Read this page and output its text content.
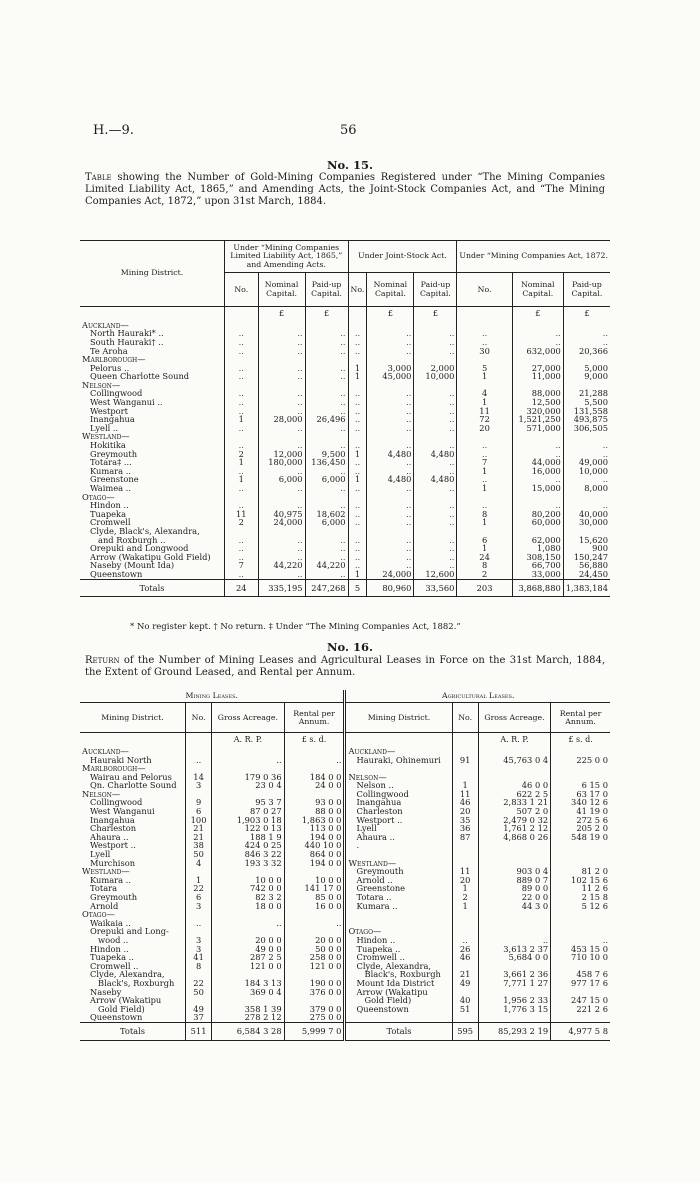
H.—9.	56
No. 15.
Table showing the Number of Gold-Mining Companies Registered under “The Mining Companies Limited Liability Act, 1865,” and Amending Acts, the Joint-Stock Companies Act, and “The Mining Companies Act, 1872,” upon 31st March, 1884.
Mining District.	Under “Mining Companies Limited Liability Act, 1865,” and Amending Acts.			Under Joint-Stock Act.			Under “Mining Companies Act, 1872.		
	No.	Nominal Capital.	Paid-up Capital.	No.	Nominal Capital.	Paid-up Capital.	No.	Nominal Capital.	Paid-up Capital.
		£	£		£	£		£	£
Auckland—									
North Hauraki* ..	..	..	..	..	..	..	..	..	..
South Hauraki† ..	..	..	..	..	..	..	..	..	..
Te Aroha	..	..	..	..	..	..	30	632,000	20,366
Marlborough—									
Pelorus ..	..	..	..	1	3,000	2,000	5	27,000	5,000
Queen Charlotte Sound	..	..	..	1	45,000	10,000	1	11,000	9,000
Nelson—									
Collingwood	..	..	..	..	..	..	4	88,000	21,288
West Wanganui ..	..	..	..	..	..	..	1	12,500	5,500
Westport	..	..	..	..	..	..	11	320,000	131,558
Inangahua	1	28,000	26,496	..	..	..	72	1,521,250	493,875
Lyell ..	..	..	..	..	..	..	20	571,000	306,505
Westland—									
Hokitika	..	..	..	..	..	..	..	..	..
Greymouth	2	12,000	9,500	1	4,480	4,480	..	..	..
Totara‡ ...	1	180,000	136,450	..	..	..	7	44,000	49,000
Kumara ..	..	..	..	..	..	..	1	16,000	10,000
Greenstone	1	6,000	6,000	1	4,480	4,480	..	..	..
Waimea ..	..	..	..	..	..	..	1	15,000	8,000
Otago—									
Hindon ..	..	..	..	..	..	..	..	..	..
Tuapeka	11	40,975	18,602	..	..	..	8	80,200	40,000
Cromwell	2	24,000	6,000	..	..	..	1	60,000	30,000
Clyde, Black's, Alexandra,									
and Roxburgh ..	..	..	..	..	..	..	6	62,000	15,620
Orepuki and Longwood	..	..	..	..	..	..	1	1,080	900
Arrow (Wakatipu Gold Field)	..	..	..	..	..	..	24	308,150	150,247
Naseby (Mount Ida)	7	44,220	44,220	..	..	..	8	66,700	56,880
Queenstown	..	..	..	1	24,000	12,600	2	33,000	24,450
Totals	24	335,195	247,268	5	80,960	33,560	203	3,868,880	1,383,184
* No register kept. † No return. ‡ Under “The Mining Companies Act, 1882.”
No. 16.
Return of the Number of Mining Leases and Agricultural Leases in Force on the 31st March, 1884, the Extent of Ground Leased, and Rental per Annum.
Mining Leases.				Agricultural Leases.			
Mining District.	No.	Gross Acreage.	Rental per Annum.	Mining District.	No.	Gross Acreage.	Rental per Annum.
		A. R. P.	£ s. d.			A. R. P.	£ s. d.
Auckland—				Auckland—			
Hauraki North	..	..	..	Hauraki, Ohinemuri	91	45,763 0 4	225 0 0
Marlborough—							
Wairau and Pelorus	14	179 0 36	184 0 0	Nelson—			
Qn. Charlotte Sound	3	23 0 4	24 0 0	Nelson ..	1	46 0 0	6 15 0
Nelson—				Collingwood	11	622 2 5	63 17 0
Collingwood	9	95 3 7	93 0 0	Inangahua	46	2,833 1 21	340 12 6
West Wanganui	6	87 0 27	88 0 0	Charleston	20	507 2 0	41 19 0
Inangahua	100	1,903 0 18	1,863 0 0	Westport ..	35	2,479 0 32	272 5 6
Charleston	21	122 0 13	113 0 0	Lyell	36	1,761 2 12	205 2 0
Ahaura ..	21	188 1 9	194 0 0	Ahaura ..	87	4,868 0 26	548 19 0
Westport ..	38	424 0 25	440 10 0	.			
Lyell	50	846 3 22	864 0 0				
Murchison	4	193 3 32	194 0 0	Westland—			
Westland—				Greymouth	11	903 0 4	81 2 0
Kumara ..	1	10 0 0	10 0 0	Arnold ..	20	889 0 7	102 15 6
Totara	22	742 0 0	141 17 0	Greenstone	1	89 0 0	11 2 6
Greymouth	6	82 3 2	85 0 0	Totara ..	2	22 0 0	2 15 8
Arnold	3	18 0 0	16 0 0	Kumara ..	1	44 3 0	5 12 6
Otago—							
Waikaia ..	..	..	..				
Orepuki and Long-				Otago—			
wood ..	3	20 0 0	20 0 0	Hindon ..	..	..	..
Hindon ..	3	49 0 0	50 0 0	Tuapeka ..	26	3,613 2 37	453 15 0
Tuapeka ..	41	287 2 5	258 0 0	Cromwell ..	46	5,684 0 0	710 10 0
Cromwell ..	8	121 0 0	121 0 0	Clyde, Alexandra,			
Clyde, Alexandra,				Black's, Roxburgh	21	3,661 2 36	458 7 6
Black's, Roxburgh	22	184 3 13	190 0 0	Mount Ida District	49	7,771 1 27	977 17 6
Naseby	50	369 0 4	376 0 0	Arrow (Wakatipu			
Arrow (Wakatipu				Gold Field)	40	1,956 2 33	247 15 0
Gold Field)	49	358 1 39	379 0 0	Queenstown	51	1,776 3 15	221 2 6
Queenstown	37	278 2 12	275 0 0				
Totals	511	6,584 3 28	5,999 7 0	Totals	595	85,293 2 19	4,977 5 8
